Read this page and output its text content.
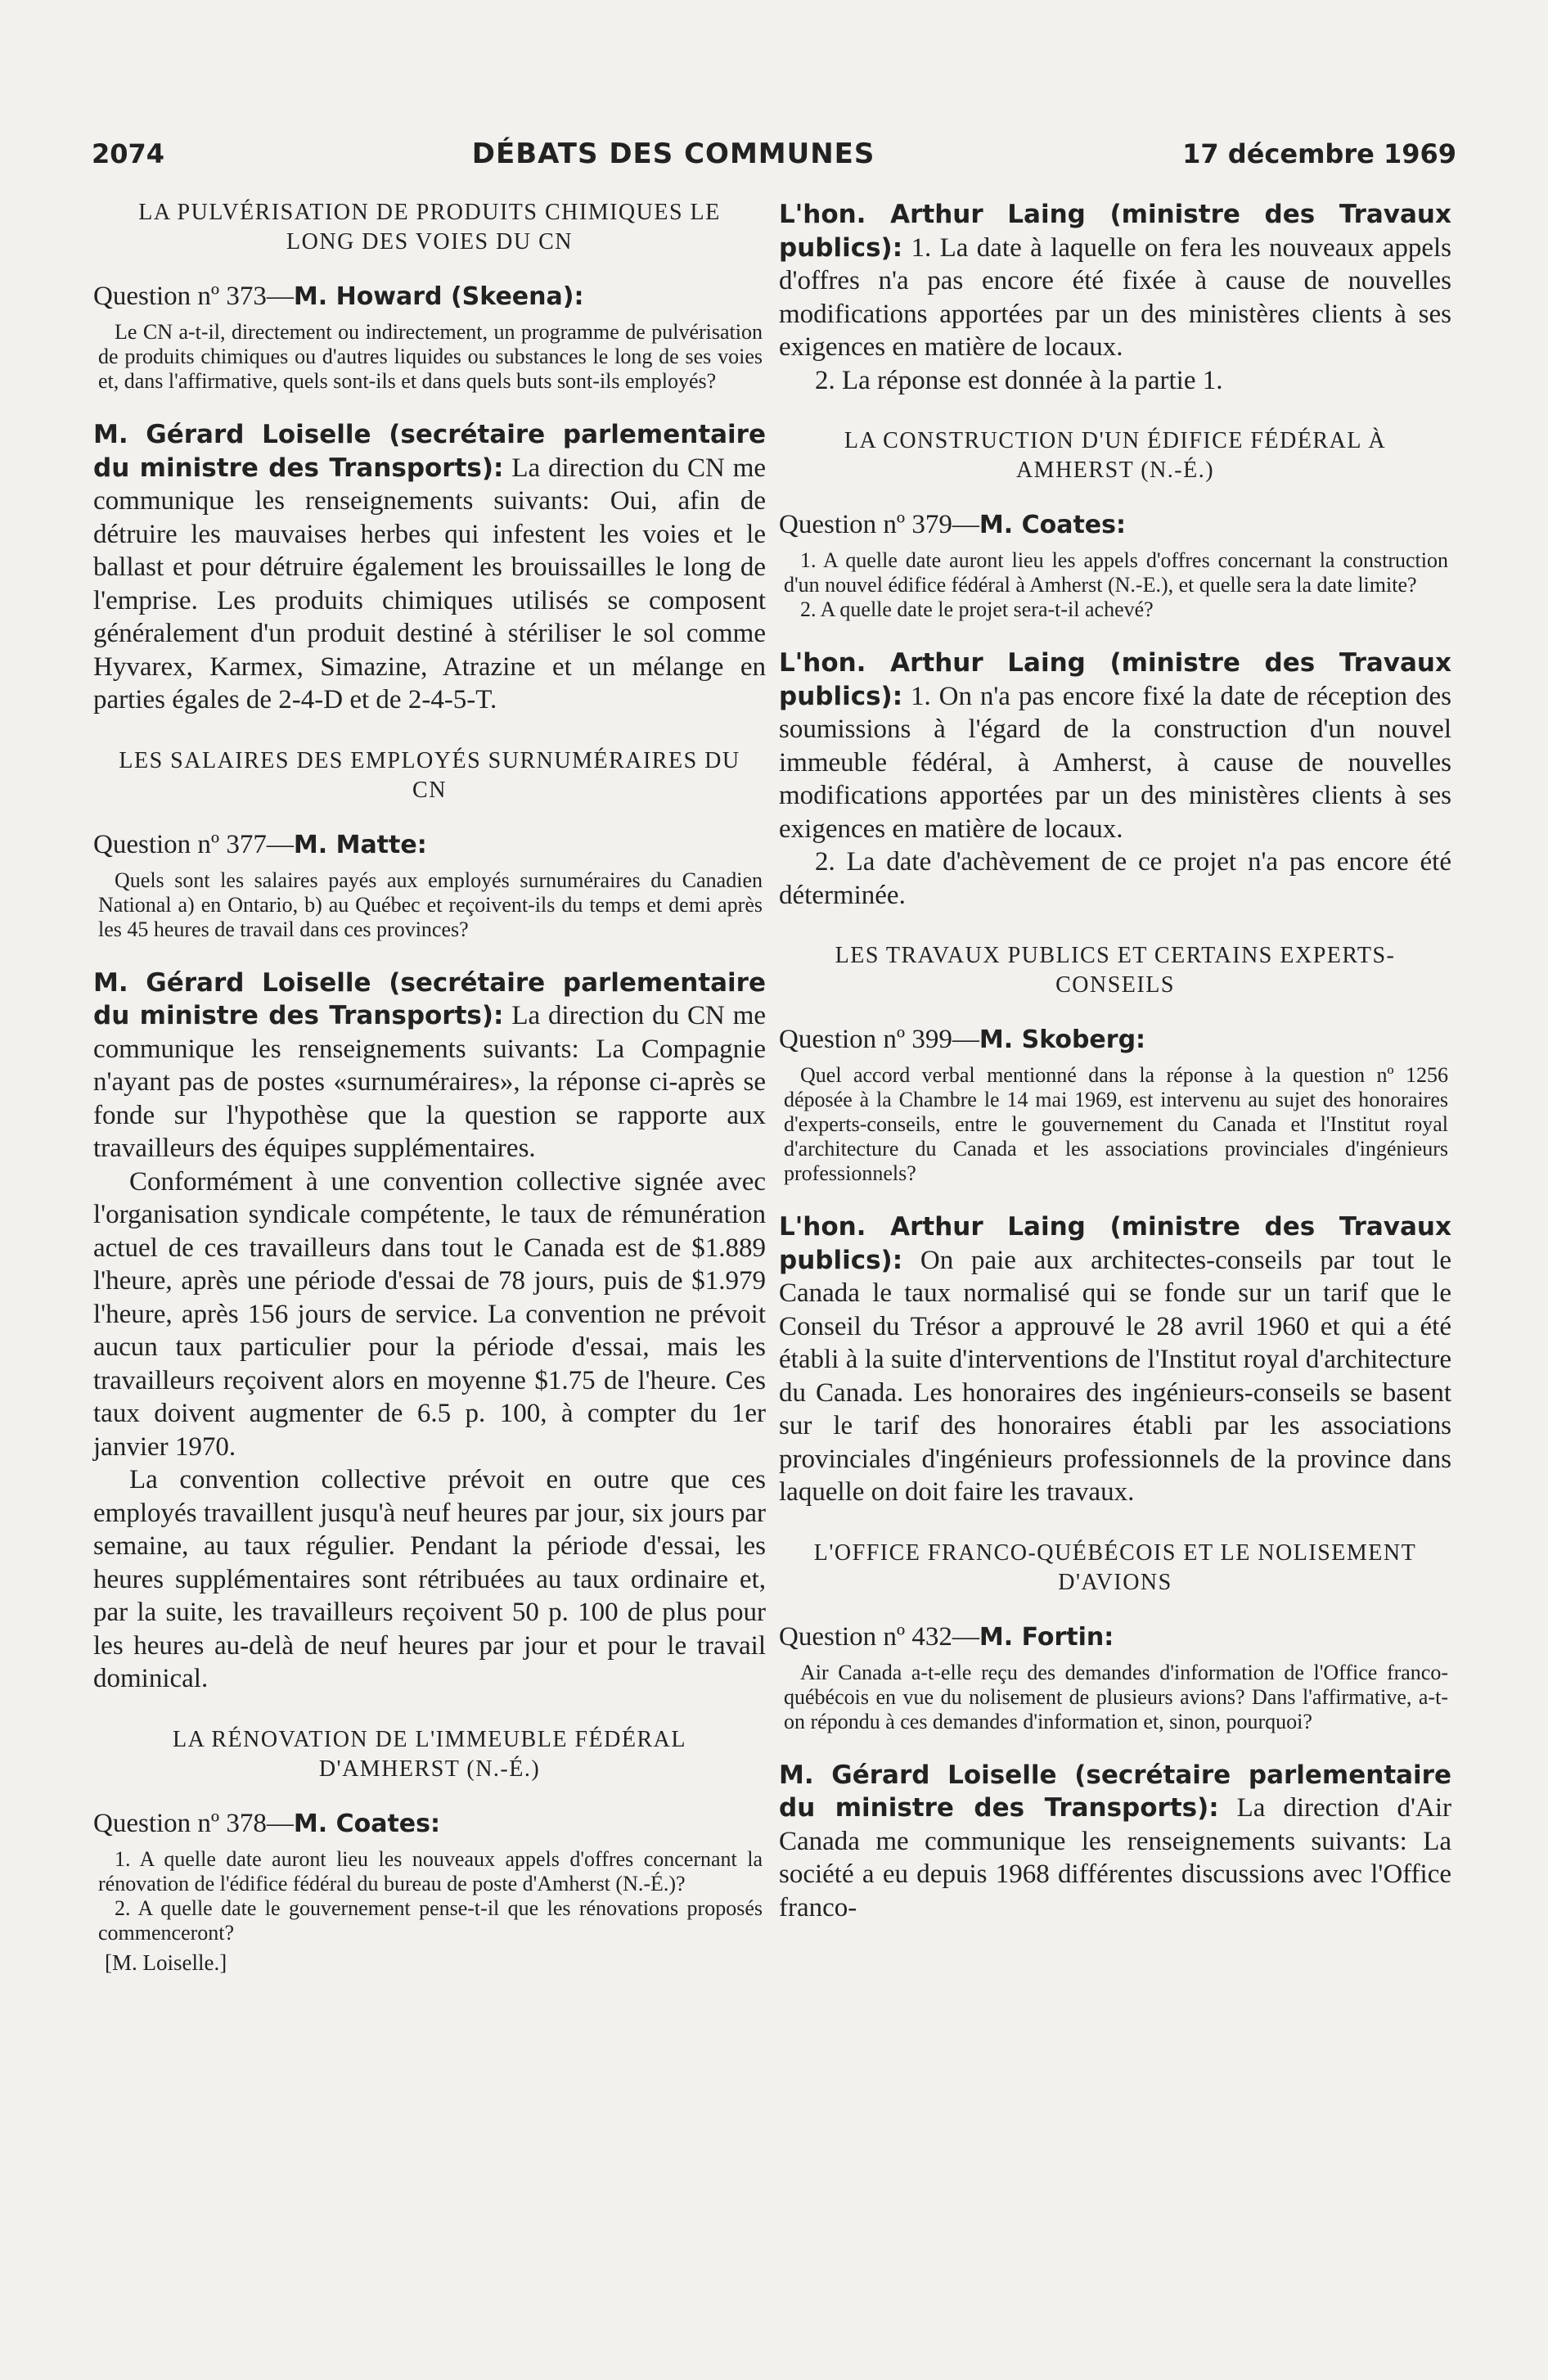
2074	DÉBATS DES COMMUNES	17 décembre 1969
LA PULVÉRISATION DE PRODUITS CHIMIQUES LE LONG DES VOIES DU CN
Question nº 373—M. Howard (Skeena):
Le CN a-t-il, directement ou indirectement, un programme de pulvérisation de produits chimiques ou d'autres liquides ou substances le long de ses voies et, dans l'affirmative, quels sont-ils et dans quels buts sont-ils employés?

M. Gérard Loiselle (secrétaire parlementaire du ministre des Transports): La direction du CN me communique les renseignements suivants: Oui, afin de détruire les mauvaises herbes qui infestent les voies et le ballast et pour détruire également les brouissailles le long de l'emprise. Les produits chimiques utilisés se composent généralement d'un produit destiné à stériliser le sol comme Hyvarex, Karmex, Simazine, Atrazine et un mélange en parties égales de 2-4-D et de 2-4-5-T.

LES SALAIRES DES EMPLOYÉS SURNUMÉRAIRES DU CN
Question nº 377—M. Matte:
Quels sont les salaires payés aux employés surnuméraires du Canadien National a) en Ontario, b) au Québec et reçoivent-ils du temps et demi après les 45 heures de travail dans ces provinces?

M. Gérard Loiselle (secrétaire parlementaire du ministre des Transports): La direction du CN me communique les renseignements suivants: La Compagnie n'ayant pas de postes «surnuméraires», la réponse ci-après se fonde sur l'hypothèse que la question se rapporte aux travailleurs des équipes supplémentaires.

Conformément à une convention collective signée avec l'organisation syndicale compétente, le taux de rémunération actuel de ces travailleurs dans tout le Canada est de $1.889 l'heure, après une période d'essai de 78 jours, puis de $1.979 l'heure, après 156 jours de service. La convention ne prévoit aucun taux particulier pour la période d'essai, mais les travailleurs reçoivent alors en moyenne $1.75 de l'heure. Ces taux doivent augmenter de 6.5 p. 100, à compter du 1er janvier 1970.

La convention collective prévoit en outre que ces employés travaillent jusqu'à neuf heures par jour, six jours par semaine, au taux régulier. Pendant la période d'essai, les heures supplémentaires sont rétribuées au taux ordinaire et, par la suite, les travailleurs reçoivent 50 p. 100 de plus pour les heures au-delà de neuf heures par jour et pour le travail dominical.

LA RÉNOVATION DE L'IMMEUBLE FÉDÉRAL D'AMHERST (N.-É.)
Question nº 378—M. Coates:

1. A quelle date auront lieu les nouveaux appels d'offres concernant la rénovation de l'édifice fédéral du bureau de poste d'Amherst (N.-É.)?

2. A quelle date le gouvernement pense-t-il que les rénovations proposés commenceront?

[M. Loiselle.]

L'hon. Arthur Laing (ministre des Travaux publics): 1. La date à laquelle on fera les nouveaux appels d'offres n'a pas encore été fixée à cause de nouvelles modifications apportées par un des ministères clients à ses exigences en matière de locaux.

2. La réponse est donnée à la partie 1.

LA CONSTRUCTION D'UN ÉDIFICE FÉDÉRAL À AMHERST (N.-É.)
Question nº 379—M. Coates:

1. A quelle date auront lieu les appels d'offres concernant la construction d'un nouvel édifice fédéral à Amherst (N.-E.), et quelle sera la date limite?

2. A quelle date le projet sera-t-il achevé?

L'hon. Arthur Laing (ministre des Travaux publics): 1. On n'a pas encore fixé la date de réception des soumissions à l'égard de la construction d'un nouvel immeuble fédéral, à Amherst, à cause de nouvelles modifications apportées par un des ministères clients à ses exigences en matière de locaux.

2. La date d'achèvement de ce projet n'a pas encore été déterminée.

LES TRAVAUX PUBLICS ET CERTAINS EXPERTS-CONSEILS
Question nº 399—M. Skoberg:
Quel accord verbal mentionné dans la réponse à la question nº 1256 déposée à la Chambre le 14 mai 1969, est intervenu au sujet des honoraires d'experts-conseils, entre le gouvernement du Canada et l'Institut royal d'architecture du Canada et les associations provinciales d'ingénieurs professionnels?

L'hon. Arthur Laing (ministre des Travaux publics): On paie aux architectes-conseils par tout le Canada le taux normalisé qui se fonde sur un tarif que le Conseil du Trésor a approuvé le 28 avril 1960 et qui a été établi à la suite d'interventions de l'Institut royal d'architecture du Canada. Les honoraires des ingénieurs-conseils se basent sur le tarif des honoraires établi par les associations provinciales d'ingénieurs professionnels de la province dans laquelle on doit faire les travaux.

L'OFFICE FRANCO-QUÉBÉCOIS ET LE NOLISEMENT D'AVIONS
Question nº 432—M. Fortin:
Air Canada a-t-elle reçu des demandes d'information de l'Office franco-québécois en vue du nolisement de plusieurs avions? Dans l'affirmative, a-t-on répondu à ces demandes d'information et, sinon, pourquoi?

M. Gérard Loiselle (secrétaire parlementaire du ministre des Transports): La direction d'Air Canada me communique les renseignements suivants: La société a eu depuis 1968 différentes discussions avec l'Office franco-
